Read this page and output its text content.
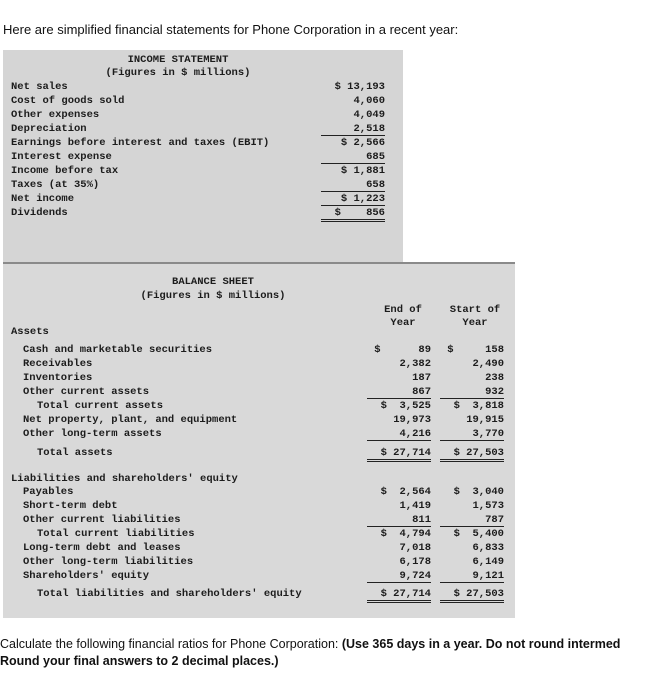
Here are simplified financial statements for Phone Corporation in a recent year:
INCOME STATEMENT
(Figures in $ millions)
Net sales	$ 13,193
Cost of goods sold	4,060
Other expenses	4,049
Depreciation	2,518
Earnings before interest and taxes (EBIT)	$ 2,566
Interest expense	685
Income before tax	$ 1,881
Taxes (at 35%)	658
Net income	$ 1,223
Dividends	$    856
BALANCE SHEET
(Figures in $ millions)
End of Year
Start of Year
Assets
Cash and marketable securities	$      89	$     158
Receivables	2,382	2,490
Inventories	187	238
Other current assets	867	932
Total current assets	$  3,525	$  3,818
Net property, plant, and equipment	19,973	19,915
Other long-term assets	4,216	3,770
Total assets	$ 27,714	$ 27,503
Liabilities and shareholders' equity
Payables	$  2,564	$  3,040
Short-term debt	1,419	1,573
Other current liabilities	811	787
Total current liabilities	$  4,794	$  5,400
Long-term debt and leases	7,018	6,833
Other long-term liabilities	6,178	6,149
Shareholders' equity	9,724	9,121
Total liabilities and shareholders' equity	$ 27,714	$ 27,503
Calculate the following financial ratios for Phone Corporation: (Use 365 days in a year. Do not round intermed
Round your final answers to 2 decimal places.)
